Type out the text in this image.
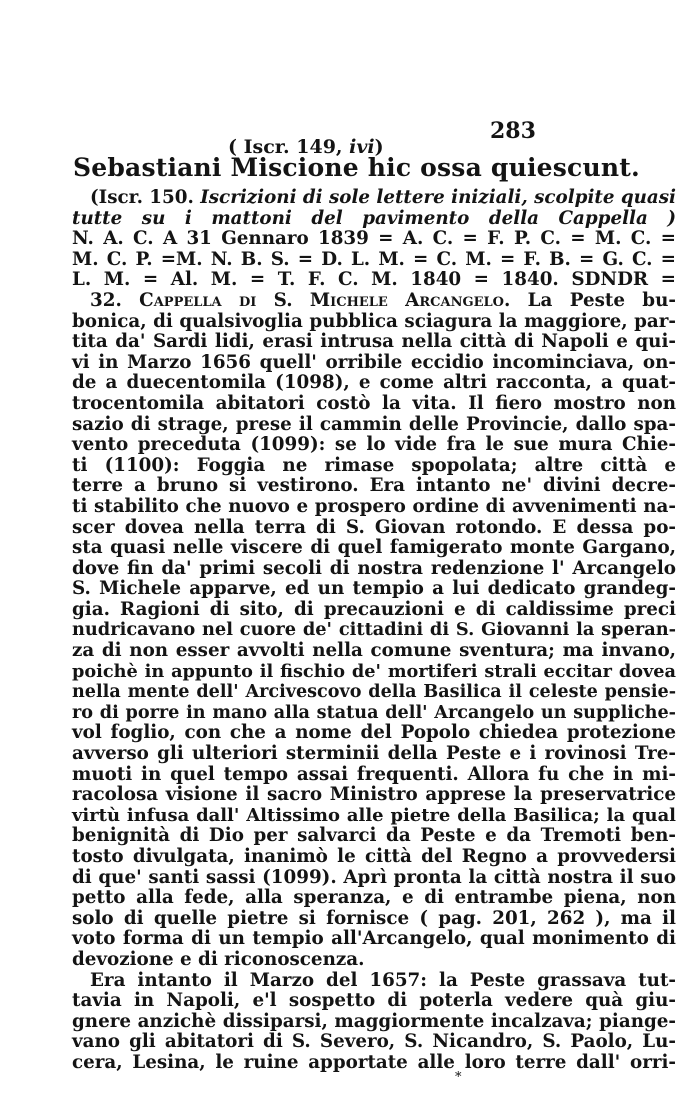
283
( Iscr. 149, ivi)
Sebastiani Miscione hic ossa quiescunt.
(Iscr. 150. Iscrizioni di sole lettere iniziali, scolpite quasi
tutte su i mattoni del pavimento della Cappella )
N. A. C. A 31 Gennaro 1839 = A. C. = F. P. C. = M. C. =
M. C. P. =M. N. B. S. = D. L. M. = C. M. = F. B. = G. C. =
L. M. = Al. M. = T. F. C. M. 1840 = 1840. SDNDR =
32. Cappella di S. Michele Arcangelo. La Peste bu-
bonica, di qualsivoglia pubblica sciagura la maggiore, par-
tita da' Sardi lidi, erasi intrusa nella città di Napoli e qui-
vi in Marzo 1656 quell' orribile eccidio incominciava, on-
de a duecentomila (1098), e come altri racconta, a quat-
trocentomila abitatori costò la vita. Il fiero mostro non
sazio di strage, prese il cammin delle Provincie, dallo spa-
vento preceduta (1099): se lo vide fra le sue mura Chie-
ti (1100): Foggia ne rimase spopolata; altre città e
terre a bruno si vestirono. Era intanto ne' divini decre-
ti stabilito che nuovo e prospero ordine di avvenimenti na-
scer dovea nella terra di S. Giovan rotondo. E dessa po-
sta quasi nelle viscere di quel famigerato monte Gargano,
dove fin da' primi secoli di nostra redenzione l' Arcangelo
S. Michele apparve, ed un tempio a lui dedicato grandeg-
gia. Ragioni di sito, di precauzioni e di caldissime preci
nudricavano nel cuore de' cittadini di S. Giovanni la speran-
za di non esser avvolti nella comune sventura; ma invano,
poichè in appunto il fischio de' mortiferi strali eccitar dovea
nella mente dell' Arcivescovo della Basilica il celeste pensie-
ro di porre in mano alla statua dell' Arcangelo un suppliche-
vol foglio, con che a nome del Popolo chiedea protezione
avverso gli ulteriori sterminii della Peste e i rovinosi Tre-
muoti in quel tempo assai frequenti. Allora fu che in mi-
racolosa visione il sacro Ministro apprese la preservatrice
virtù infusa dall' Altissimo alle pietre della Basilica; la qual
benignità di Dio per salvarci da Peste e da Tremoti ben-
tosto divulgata, inanimò le città del Regno a provvedersi
di que' santi sassi (1099). Aprì pronta la città nostra il suo
petto alla fede, alla speranza, e di entrambe piena, non
solo di quelle pietre si fornisce ( pag. 201, 262 ), ma il
voto forma di un tempio all'Arcangelo, qual monimento di
devozione e di riconoscenza.
Era intanto il Marzo del 1657: la Peste grassava tut-
tavia in Napoli, e'l sospetto di poterla vedere quà giu-
gnere anzichè dissiparsi, maggiormente incalzava; piange-
vano gli abitatori di S. Severo, S. Nicandro, S. Paolo, Lu-
cera, Lesina, le ruine apportate alle loro terre dall' orri-
*
